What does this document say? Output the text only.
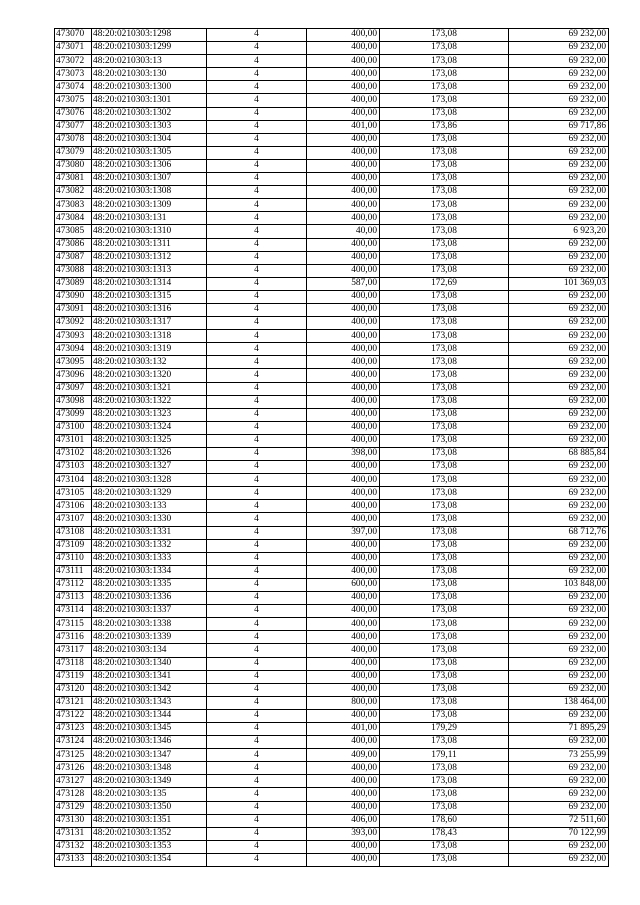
473070	48:20:0210303:1298	4	400,00	173,08	69 232,00
473071	48:20:0210303:1299	4	400,00	173,08	69 232,00
473072	48:20:0210303:13	4	400,00	173,08	69 232,00
473073	48:20:0210303:130	4	400,00	173,08	69 232,00
473074	48:20:0210303:1300	4	400,00	173,08	69 232,00
473075	48:20:0210303:1301	4	400,00	173,08	69 232,00
473076	48:20:0210303:1302	4	400,00	173,08	69 232,00
473077	48:20:0210303:1303	4	401,00	173,86	69 717,86
473078	48:20:0210303:1304	4	400,00	173,08	69 232,00
473079	48:20:0210303:1305	4	400,00	173,08	69 232,00
473080	48:20:0210303:1306	4	400,00	173,08	69 232,00
473081	48:20:0210303:1307	4	400,00	173,08	69 232,00
473082	48:20:0210303:1308	4	400,00	173,08	69 232,00
473083	48:20:0210303:1309	4	400,00	173,08	69 232,00
473084	48:20:0210303:131	4	400,00	173,08	69 232,00
473085	48:20:0210303:1310	4	40,00	173,08	6 923,20
473086	48:20:0210303:1311	4	400,00	173,08	69 232,00
473087	48:20:0210303:1312	4	400,00	173,08	69 232,00
473088	48:20:0210303:1313	4	400,00	173,08	69 232,00
473089	48:20:0210303:1314	4	587,00	172,69	101 369,03
473090	48:20:0210303:1315	4	400,00	173,08	69 232,00
473091	48:20:0210303:1316	4	400,00	173,08	69 232,00
473092	48:20:0210303:1317	4	400,00	173,08	69 232,00
473093	48:20:0210303:1318	4	400,00	173,08	69 232,00
473094	48:20:0210303:1319	4	400,00	173,08	69 232,00
473095	48:20:0210303:132	4	400,00	173,08	69 232,00
473096	48:20:0210303:1320	4	400,00	173,08	69 232,00
473097	48:20:0210303:1321	4	400,00	173,08	69 232,00
473098	48:20:0210303:1322	4	400,00	173,08	69 232,00
473099	48:20:0210303:1323	4	400,00	173,08	69 232,00
473100	48:20:0210303:1324	4	400,00	173,08	69 232,00
473101	48:20:0210303:1325	4	400,00	173,08	69 232,00
473102	48:20:0210303:1326	4	398,00	173,08	68 885,84
473103	48:20:0210303:1327	4	400,00	173,08	69 232,00
473104	48:20:0210303:1328	4	400,00	173,08	69 232,00
473105	48:20:0210303:1329	4	400,00	173,08	69 232,00
473106	48:20:0210303:133	4	400,00	173,08	69 232,00
473107	48:20:0210303:1330	4	400,00	173,08	69 232,00
473108	48:20:0210303:1331	4	397,00	173,08	68 712,76
473109	48:20:0210303:1332	4	400,00	173,08	69 232,00
473110	48:20:0210303:1333	4	400,00	173,08	69 232,00
473111	48:20:0210303:1334	4	400,00	173,08	69 232,00
473112	48:20:0210303:1335	4	600,00	173,08	103 848,00
473113	48:20:0210303:1336	4	400,00	173,08	69 232,00
473114	48:20:0210303:1337	4	400,00	173,08	69 232,00
473115	48:20:0210303:1338	4	400,00	173,08	69 232,00
473116	48:20:0210303:1339	4	400,00	173,08	69 232,00
473117	48:20:0210303:134	4	400,00	173,08	69 232,00
473118	48:20:0210303:1340	4	400,00	173,08	69 232,00
473119	48:20:0210303:1341	4	400,00	173,08	69 232,00
473120	48:20:0210303:1342	4	400,00	173,08	69 232,00
473121	48:20:0210303:1343	4	800,00	173,08	138 464,00
473122	48:20:0210303:1344	4	400,00	173,08	69 232,00
473123	48:20:0210303:1345	4	401,00	179,29	71 895,29
473124	48:20:0210303:1346	4	400,00	173,08	69 232,00
473125	48:20:0210303:1347	4	409,00	179,11	73 255,99
473126	48:20:0210303:1348	4	400,00	173,08	69 232,00
473127	48:20:0210303:1349	4	400,00	173,08	69 232,00
473128	48:20:0210303:135	4	400,00	173,08	69 232,00
473129	48:20:0210303:1350	4	400,00	173,08	69 232,00
473130	48:20:0210303:1351	4	406,00	178,60	72 511,60
473131	48:20:0210303:1352	4	393,00	178,43	70 122,99
473132	48:20:0210303:1353	4	400,00	173,08	69 232,00
473133	48:20:0210303:1354	4	400,00	173,08	69 232,00
